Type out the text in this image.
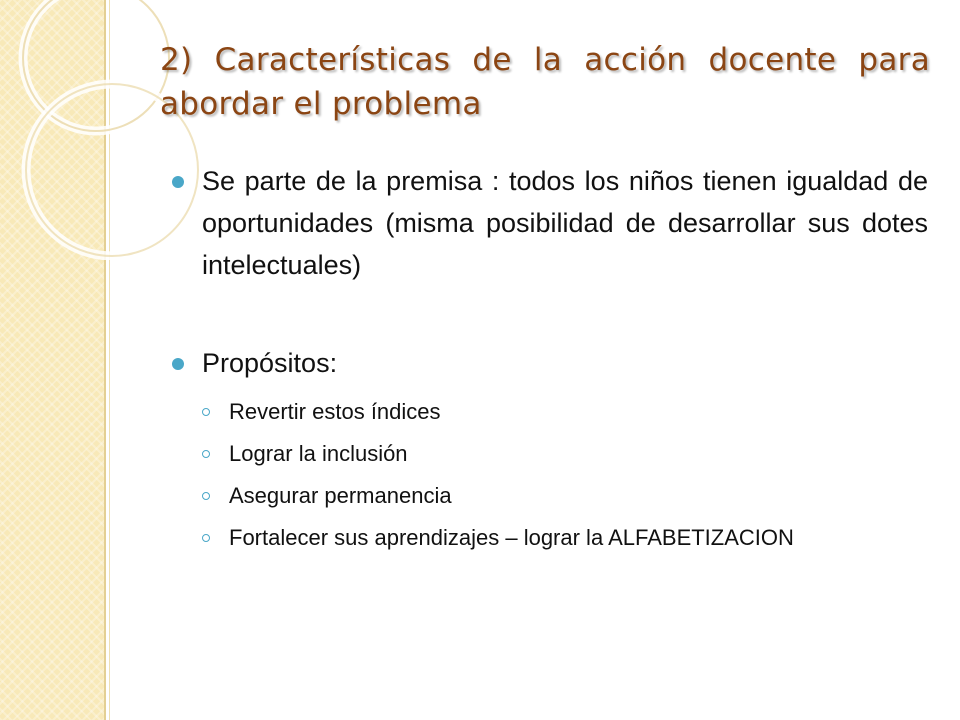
2) Características de la acción docente para abordar el problema
Se parte de la premisa : todos los niños tienen igualdad de oportunidades (misma posibilidad de desarrollar sus dotes intelectuales)
Propósitos:
Revertir estos índices
Lograr la inclusión
Asegurar permanencia
Fortalecer sus aprendizajes – lograr la ALFABETIZACION
